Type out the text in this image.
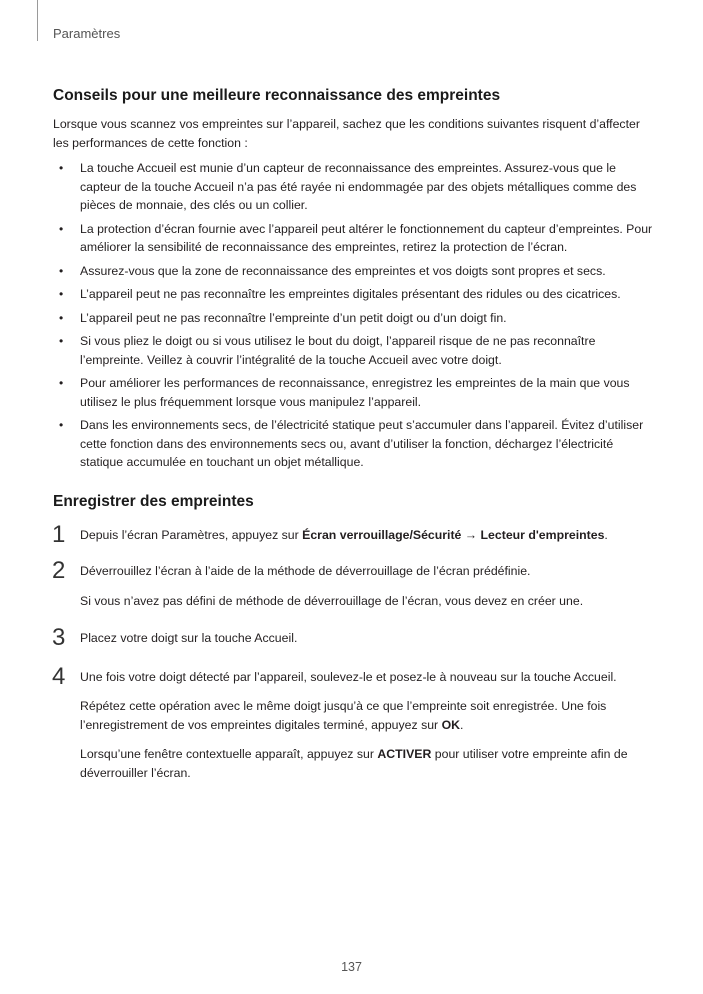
Paramètres
Conseils pour une meilleure reconnaissance des empreintes

Lorsque vous scannez vos empreintes sur l’appareil, sachez que les conditions suivantes risquent d’affecter les performances de cette fonction :

• La touche Accueil est munie d’un capteur de reconnaissance des empreintes. Assurez-vous que le capteur de la touche Accueil n’a pas été rayée ni endommagée par des objets métalliques comme des pièces de monnaie, des clés ou un collier.
• La protection d’écran fournie avec l’appareil peut altérer le fonctionnement du capteur d’empreintes. Pour améliorer la sensibilité de reconnaissance des empreintes, retirez la protection de l’écran.
• Assurez-vous que la zone de reconnaissance des empreintes et vos doigts sont propres et secs.
• L’appareil peut ne pas reconnaître les empreintes digitales présentant des ridules ou des cicatrices.
• L’appareil peut ne pas reconnaître l’empreinte d’un petit doigt ou d’un doigt fin.
• Si vous pliez le doigt ou si vous utilisez le bout du doigt, l’appareil risque de ne pas reconnaître l’empreinte. Veillez à couvrir l’intégralité de la touche Accueil avec votre doigt.
• Pour améliorer les performances de reconnaissance, enregistrez les empreintes de la main que vous utilisez le plus fréquemment lorsque vous manipulez l’appareil.
• Dans les environnements secs, de l’électricité statique peut s’accumuler dans l’appareil. Évitez d’utiliser cette fonction dans des environnements secs ou, avant d’utiliser la fonction, déchargez l’électricité statique accumulée en touchant un objet métallique.
Enregistrer des empreintes
1 Depuis l’écran Paramètres, appuyez sur Écran verrouillage/Sécurité → Lecteur d'empreintes.

2 Déverrouillez l’écran à l’aide de la méthode de déverrouillage de l’écran prédéfinie.

Si vous n’avez pas défini de méthode de déverrouillage de l’écran, vous devez en créer une.

3 Placez votre doigt sur la touche Accueil.

4 Une fois votre doigt détecté par l’appareil, soulevez-le et posez-le à nouveau sur la touche Accueil.

Répétez cette opération avec le même doigt jusqu’à ce que l’empreinte soit enregistrée. Une fois l’enregistrement de vos empreintes digitales terminé, appuyez sur OK.

Lorsqu’une fenêtre contextuelle apparaît, appuyez sur ACTIVER pour utiliser votre empreinte afin de déverrouiller l’écran.

137
